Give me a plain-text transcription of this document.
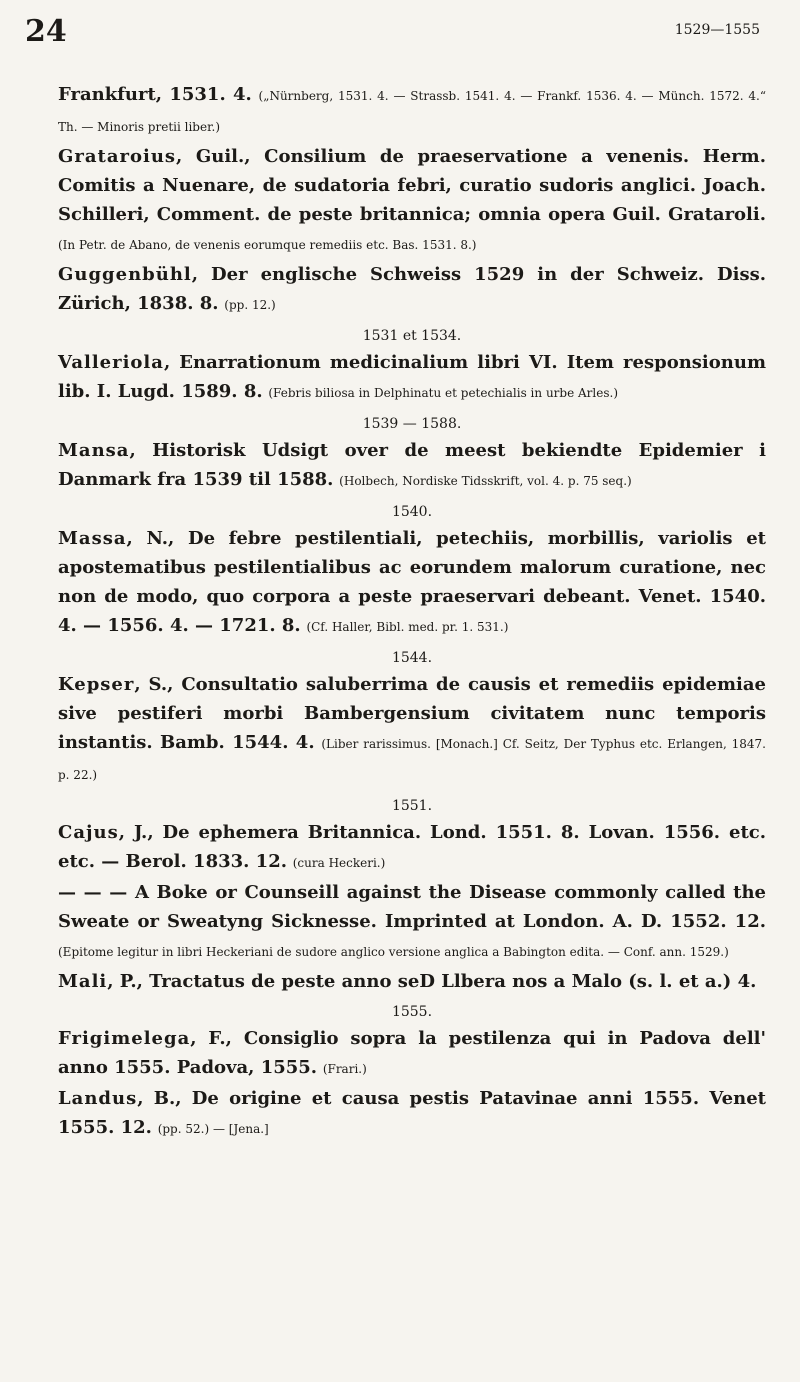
24	1529—1555

Frankfurt, 1531. 4. („Nürnberg, 1531. 4. — Strassb. 1541. 4. — Frankf. 1536. 4. — Münch. 1572. 4.“ Th. — Minoris pretii liber.)

Grataroius, Guil., Consilium de praeservatione a venenis. Herm. Comitis a Nuenare, de sudatoria febri, curatio sudoris anglici. Joach. Schilleri, Comment. de peste britannica; omnia opera Guil. Grataroli. (In Petr. de Abano, de venenis eorumque remediis etc. Bas. 1531. 8.)

Guggenbühl, Der englische Schweiss 1529 in der Schweiz. Diss. Zürich, 1838. 8. (pp. 12.)

1531 et 1534.

Valleriola, Enarrationum medicinalium libri VI. Item responsionum lib. I. Lugd. 1589. 8. (Febris biliosa in Delphinatu et petechialis in urbe Arles.)

1539 — 1588.

Mansa, Historisk Udsigt over de meest bekiendte Epidemier i Danmark fra 1539 til 1588. (Holbech, Nordiske Tidsskrift, vol. 4. p. 75 seq.)

1540.

Massa, N., De febre pestilentiali, petechiis, morbillis, variolis et apostematibus pestilentialibus ac eorundem malorum curatione, nec non de modo, quo corpora a peste praeservari debeant. Venet. 1540. 4. — 1556. 4. — 1721. 8. (Cf. Haller, Bibl. med. pr. 1. 531.)

1544.

Kepser, S., Consultatio saluberrima de causis et remediis epidemiae sive pestiferi morbi Bambergensium civitatem nunc temporis instantis. Bamb. 1544. 4. (Liber rarissimus. [Monach.] Cf. Seitz, Der Typhus etc. Erlangen, 1847. p. 22.)

1551.

Cajus, J., De ephemera Britannica. Lond. 1551. 8. Lovan. 1556. etc. etc. — Berol. 1833. 12. (cura Heckeri.)

— — — A Boke or Counseill against the Disease commonly called the Sweate or Sweatyng Sicknesse. Imprinted at London. A. D. 1552. 12. (Epitome legitur in libri Heckeriani de sudore anglico versione anglica a Babington edita. — Conf. ann. 1529.)

Mali, P., Tractatus de peste anno seD Llbera nos a Malo (s. l. et a.) 4.

1555.

Frigimelega, F., Consiglio sopra la pestilenza qui in Padova dell' anno 1555. Padova, 1555. (Frari.)

Landus, B., De origine et causa pestis Patavinae anni 1555. Venet 1555. 12. (pp. 52.) — [Jena.]
